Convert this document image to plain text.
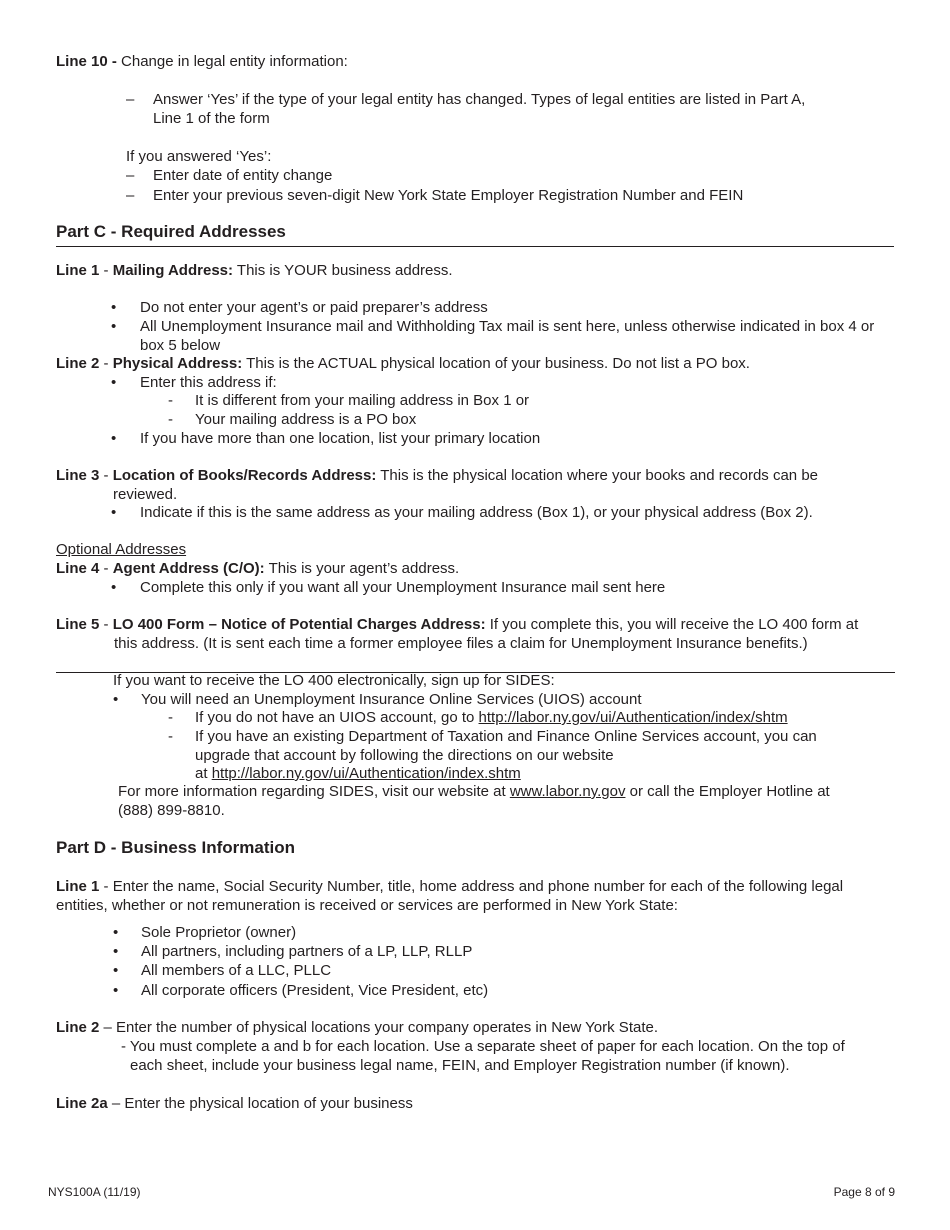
Line 10 - Change in legal entity information:
– Answer ‘Yes’ if the type of your legal entity has changed. Types of legal entities are listed in Part A,
Line 1 of the form
If you answered ‘Yes’:
– Enter date of entity change
– Enter your previous seven-digit New York State Employer Registration Number and FEIN
Part C - Required Addresses
Line 1 - Mailing Address: This is YOUR business address.
• Do not enter your agent’s or paid preparer’s address
• All Unemployment Insurance mail and Withholding Tax mail is sent here, unless otherwise indicated in box 4 or
box 5 below
Line 2 - Physical Address: This is the ACTUAL physical location of your business. Do not list a PO box.
• Enter this address if:
- It is different from your mailing address in Box 1 or
- Your mailing address is a PO box
• If you have more than one location, list your primary location
Line 3 - Location of Books/Records Address: This is the physical location where your books and records can be
reviewed.
• Indicate if this is the same address as your mailing address (Box 1), or your physical address (Box 2).
Optional Addresses
Line 4 - Agent Address (C/O): This is your agent’s address.
• Complete this only if you want all your Unemployment Insurance mail sent here
Line 5 - LO 400 Form – Notice of Potential Charges Address: If you complete this, you will receive the LO 400 form at
this address. (It is sent each time a former employee files a claim for Unemployment Insurance benefits.)
If you want to receive the LO 400 electronically, sign up for SIDES:
• You will need an Unemployment Insurance Online Services (UIOS) account
- If you do not have an UIOS account, go to http://labor.ny.gov/ui/Authentication/index/shtm
- If you have an existing Department of Taxation and Finance Online Services account, you can
upgrade that account by following the directions on our website
at http://labor.ny.gov/ui/Authentication/index.shtm
For more information regarding SIDES, visit our website at www.labor.ny.gov or call the Employer Hotline at
(888) 899-8810.
Part D - Business Information
Line 1 - Enter the name, Social Security Number, title, home address and phone number for each of the following legal
entities, whether or not remuneration is received or services are performed in New York State:
• Sole Proprietor (owner)
• All partners, including partners of a LP, LLP, RLLP
• All members of a LLC, PLLC
• All corporate officers (President, Vice President, etc)
Line 2 – Enter the number of physical locations your company operates in New York State.
- You must complete a and b for each location. Use a separate sheet of paper for each location. On the top of
each sheet, include your business legal name, FEIN, and Employer Registration number (if known).
Line 2a – Enter the physical location of your business
NYS100A (11/19)	Page 8 of 9
